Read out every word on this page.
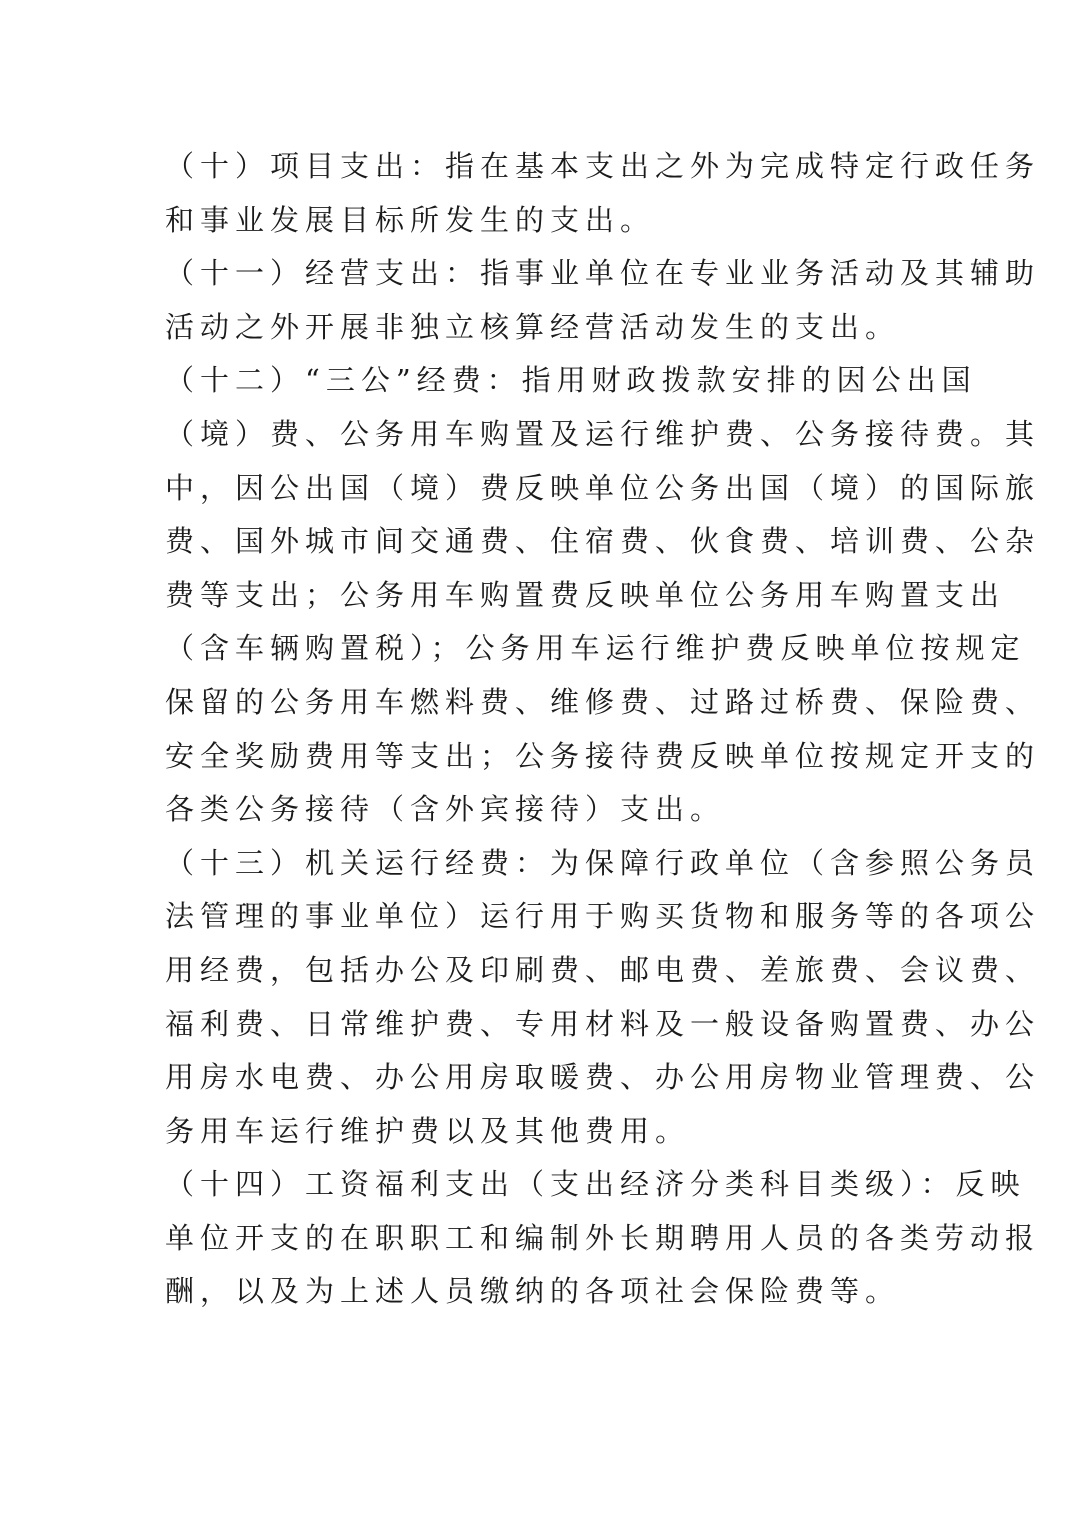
（十）项目支出：指在基本支出之外为完成特定行政任务
和事业发展目标所发生的支出。

（十一）经营支出：指事业单位在专业业务活动及其辅助
活动之外开展非独立核算经营活动发生的支出。

（十二）“三公”经费：指用财政拨款安排的因公出国
（境）费、公务用车购置及运行维护费、公务接待费。其
中，因公出国（境）费反映单位公务出国（境）的国际旅
费、国外城市间交通费、住宿费、伙食费、培训费、公杂
费等支出；公务用车购置费反映单位公务用车购置支出
（含车辆购置税）；公务用车运行维护费反映单位按规定
保留的公务用车燃料费、维修费、过路过桥费、保险费、
安全奖励费用等支出；公务接待费反映单位按规定开支的
各类公务接待（含外宾接待）支出。

（十三）机关运行经费：为保障行政单位（含参照公务员
法管理的事业单位）运行用于购买货物和服务等的各项公
用经费，包括办公及印刷费、邮电费、差旅费、会议费、
福利费、日常维护费、专用材料及一般设备购置费、办公
用房水电费、办公用房取暖费、办公用房物业管理费、公
务用车运行维护费以及其他费用。

（十四）工资福利支出（支出经济分类科目类级）：反映
单位开支的在职职工和编制外长期聘用人员的各类劳动报
酬，以及为上述人员缴纳的各项社会保险费等。
